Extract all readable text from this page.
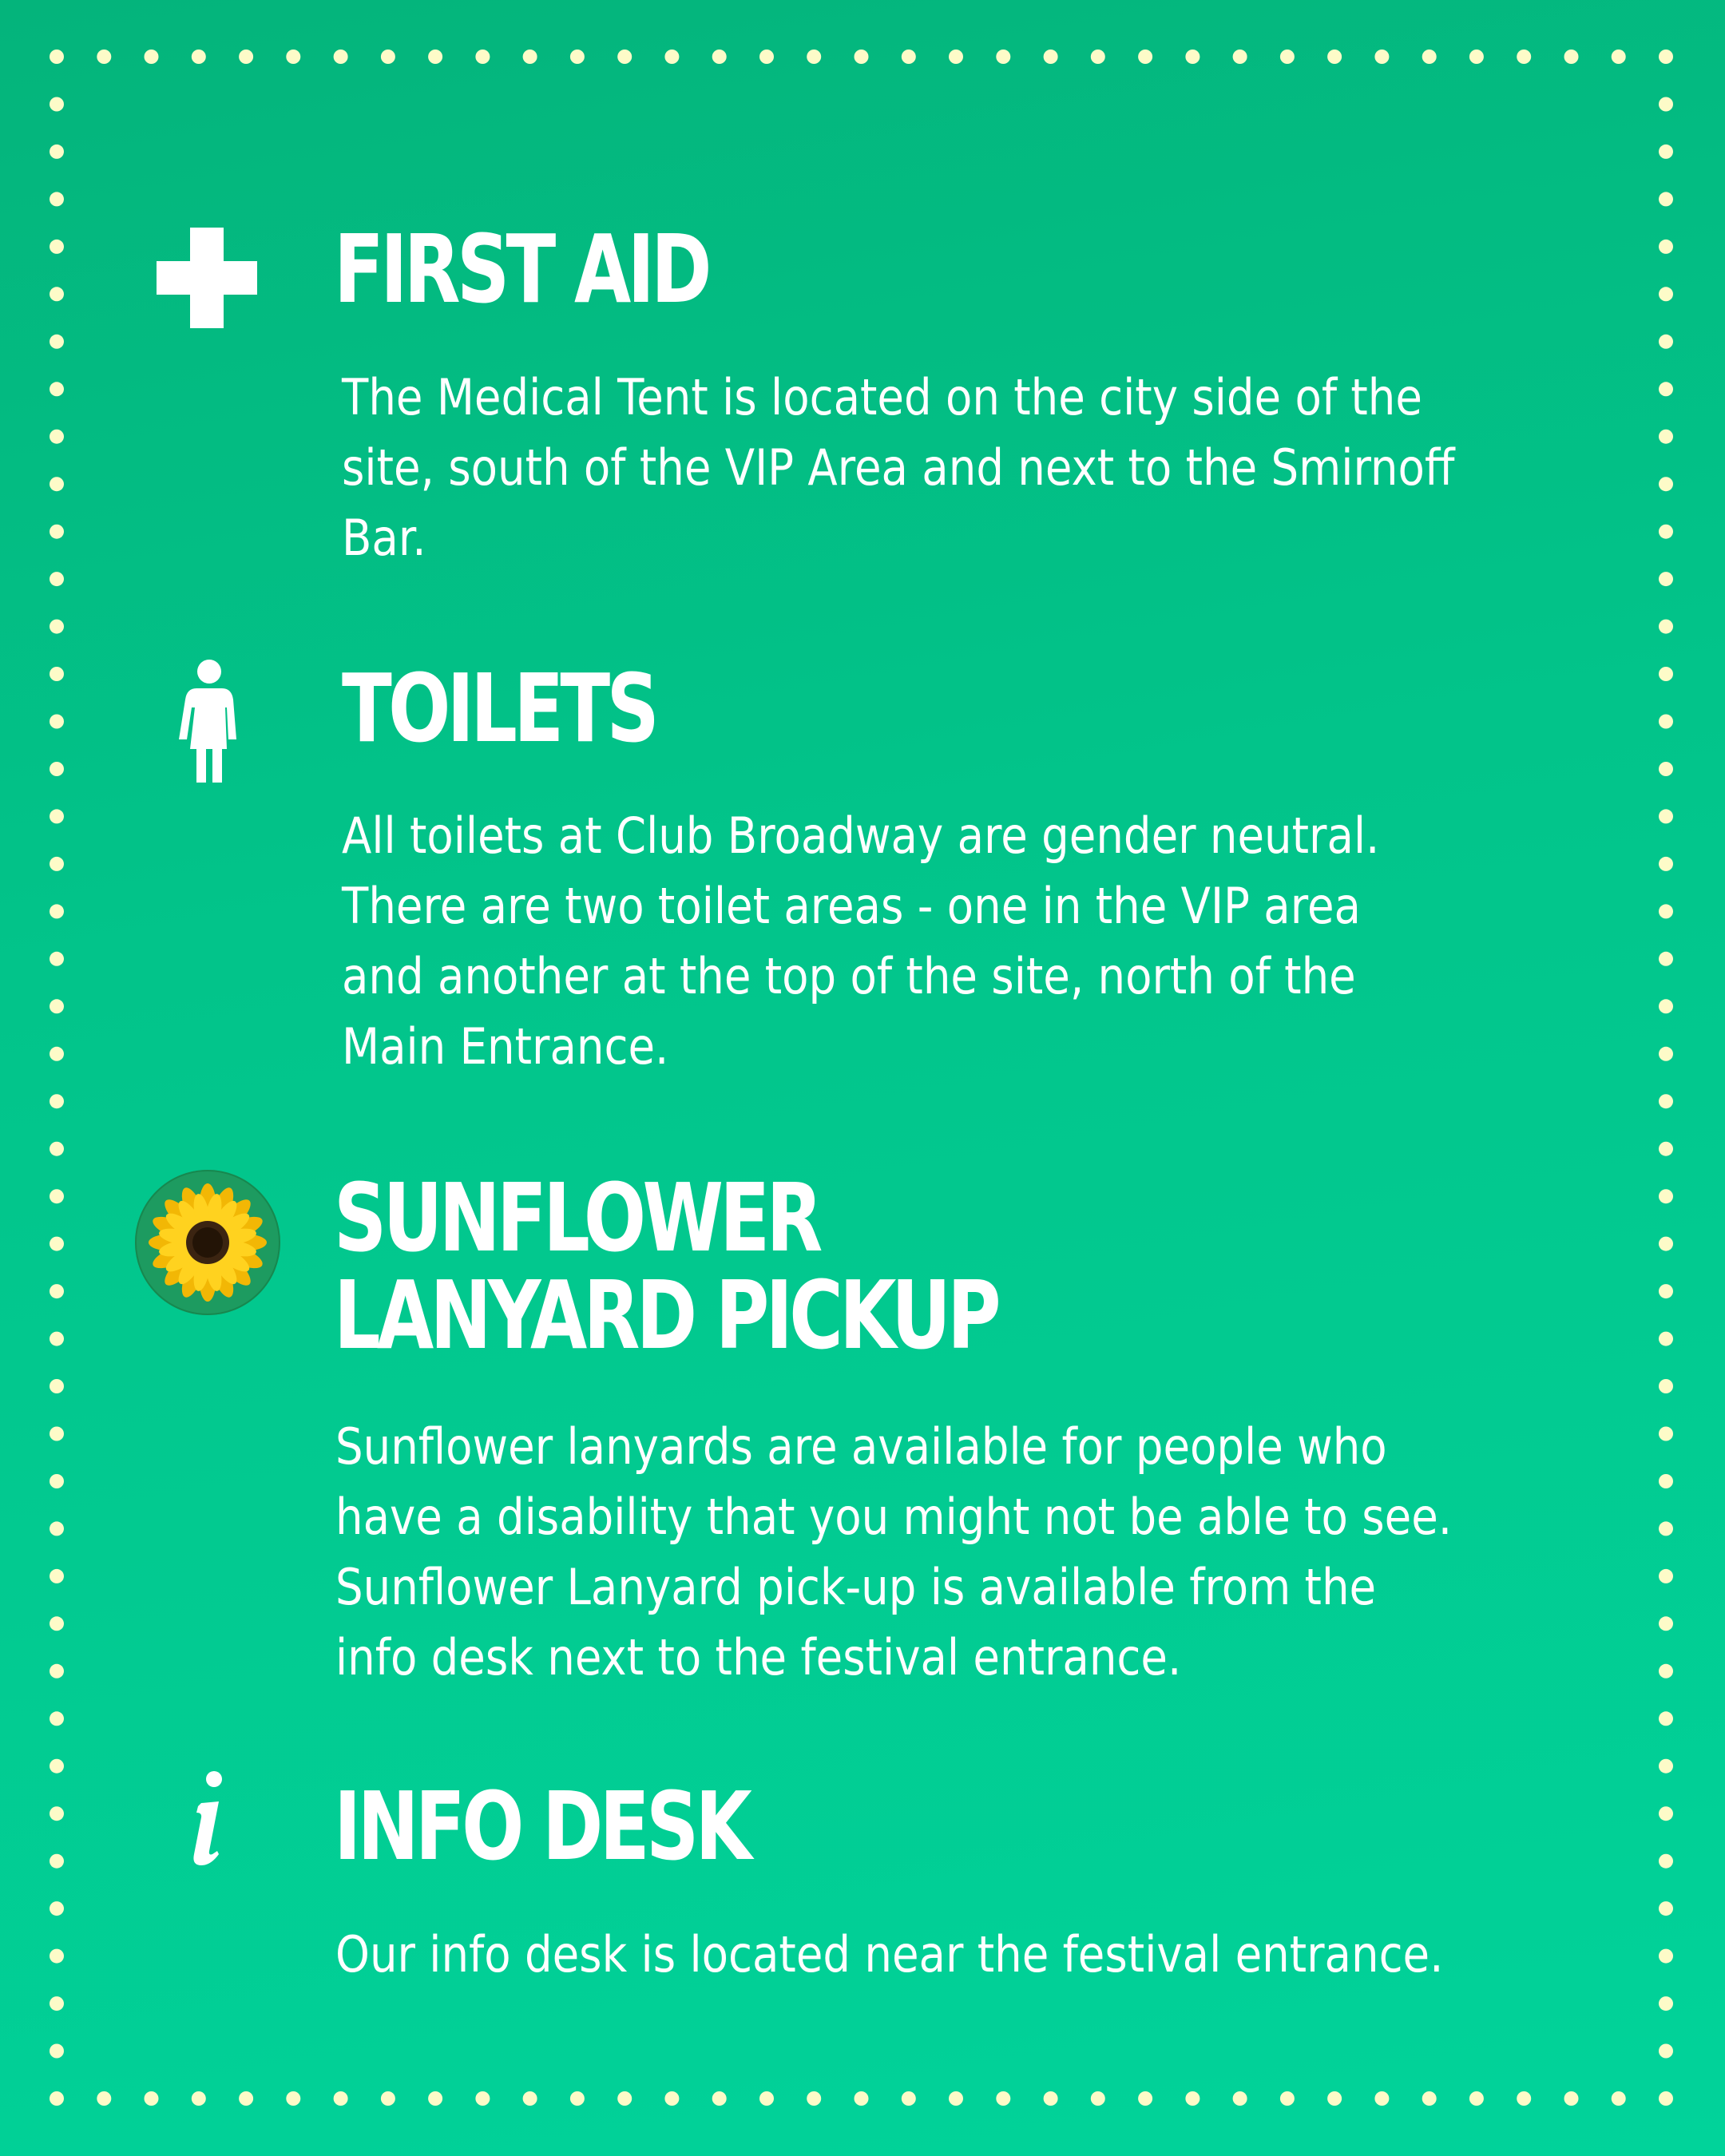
FIRST AID

The Medical Tent is located on the city side of the
site, south of the VIP Area and next to the Smirnoff
Bar.

TOILETS

All toilets at Club Broadway are gender neutral.
There are two toilet areas - one in the VIP area
and another at the top of the site, north of the
Main Entrance.

SUNFLOWER
LANYARD PICKUP

Sunflower lanyards are available for people who
have a disability that you might not be able to see.
Sunflower Lanyard pick-up is available from the
info desk next to the festival entrance.

INFO DESK

Our info desk is located near the festival entrance.
